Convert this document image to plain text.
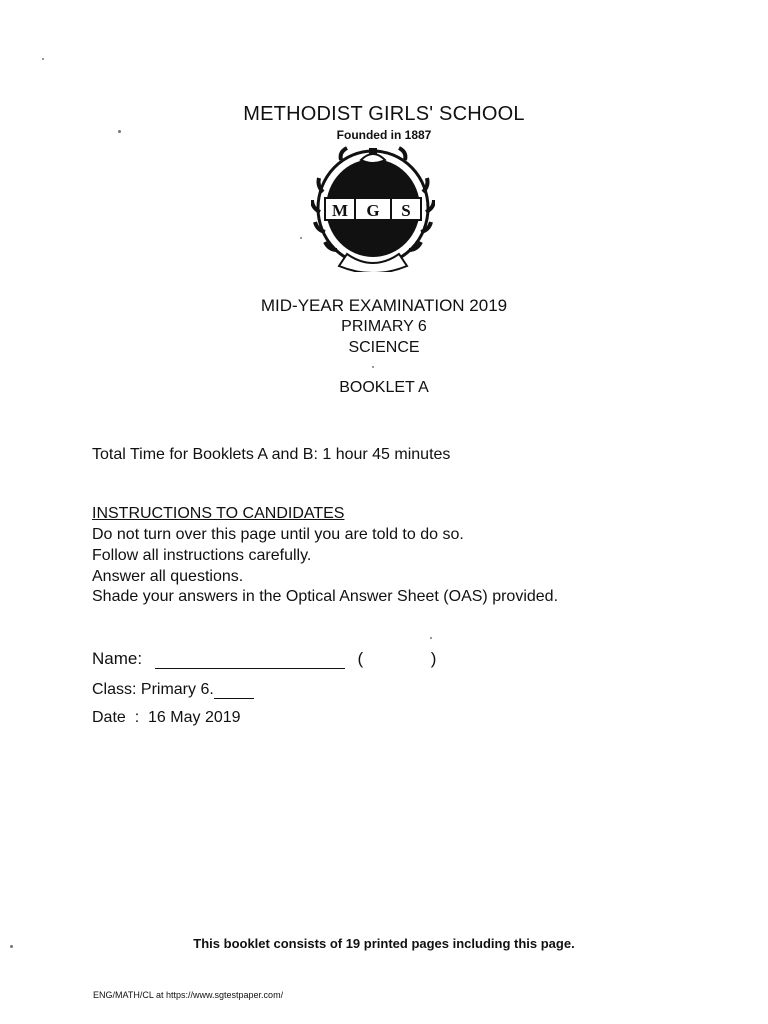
METHODIST GIRLS' SCHOOL
Founded in 1887
M G S
MID-YEAR EXAMINATION 2019
PRIMARY 6
SCIENCE
BOOKLET A
Total Time for Booklets A and B: 1 hour 45 minutes
INSTRUCTIONS TO CANDIDATES
Do not turn over this page until you are told to do so.
Follow all instructions carefully.
Answer all questions.
Shade your answers in the Optical Answer Sheet (OAS) provided.
Name:	(	)
Class: Primary 6.
Date  :  16 May 2019
This booklet consists of 19 printed pages including this page.
ENG/MATH/CL at https://www.sgtestpaper.com/
